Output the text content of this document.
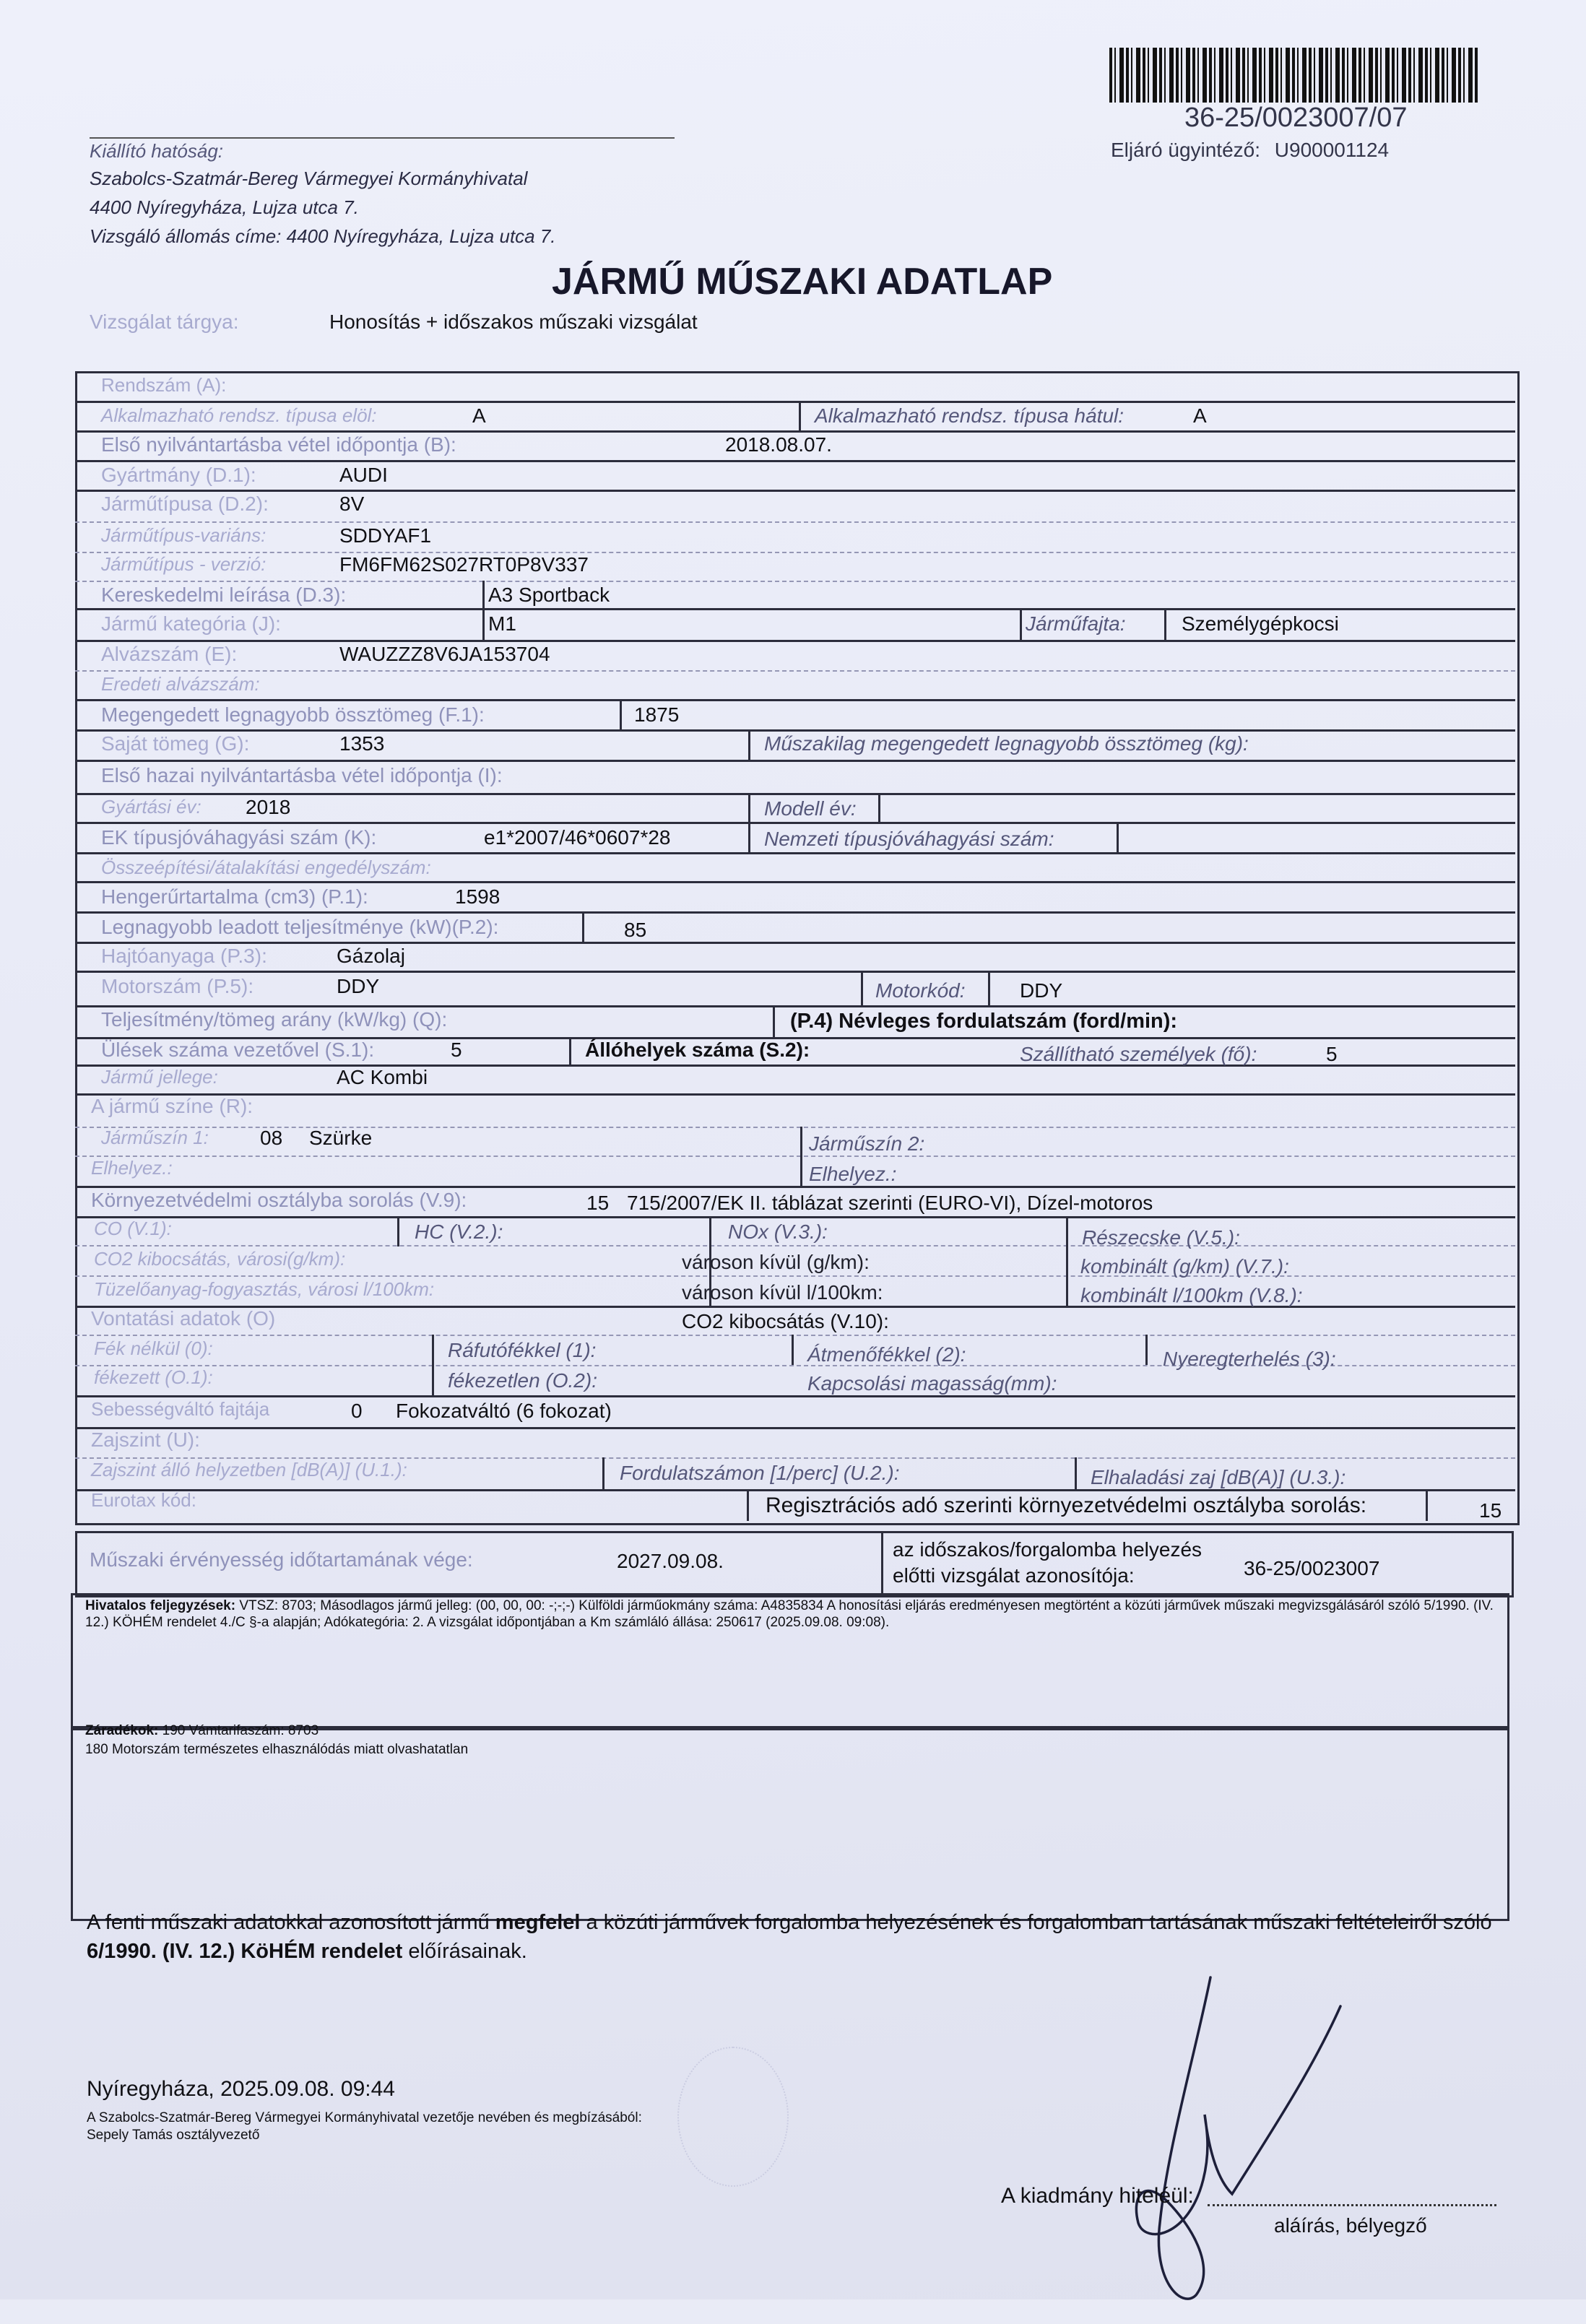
36-25/0023007/07
Eljáró ügyintéző: U900001124
Kiállító hatóság:
Szabolcs-Szatmár-Bereg Vármegyei Kormányhivatal
4400 Nyíregyháza, Lujza utca 7.
Vizsgáló állomás címe: 4400 Nyíregyháza, Lujza utca 7.
JÁRMŰ MŰSZAKI ADATLAP
Vizsgálat tárgya:	Honosítás + időszakos műszaki vizsgálat
Rendszám (A):
Alkalmazható rendsz. típusa elöl:	A	Alkalmazható rendsz. típusa hátul:	A
Első nyilvántartásba vétel időpontja (B):	2018.08.07.
Gyártmány (D.1):	AUDI
Járműtípusa (D.2):	8V
Járműtípus-variáns:	SDDYAF1
Járműtípus - verzió:	FM6FM62S027RT0P8V337
Kereskedelmi leírása (D.3):	A3 Sportback
Jármű kategória (J):	M1	Járműfajta:	Személygépkocsi
Alvázszám (E):	WAUZZZ8V6JA153704
Eredeti alvázszám:
Megengedett legnagyobb össztömeg (F.1):	1875
Saját tömeg (G):	1353	Műszakilag megengedett legnagyobb össztömeg (kg):
Első hazai nyilvántartásba vétel időpontja (I):
Gyártási év: 2018	Modell év:
EK típusjóváhagyási szám (K):	e1*2007/46*0607*28	Nemzeti típusjóváhagyási szám:
Összeépítési/átalakítási engedélyszám:
Hengerűrtartalma (cm3) (P.1):	1598
Legnagyobb leadott teljesítménye (kW)(P.2):	85
Hajtóanyaga (P.3):	Gázolaj
Motorszám (P.5):	DDY	Motorkód:	DDY
Teljesítmény/tömeg arány (kW/kg) (Q):	(P.4) Névleges fordulatszám (ford/min):
Ülések száma vezetővel (S.1):	5	Állóhelyek száma (S.2):	Szállítható személyek (fő):	5
Jármű jellege:	AC Kombi
A jármű színe (R):
Járműszín 1:	08 Szürke	Járműszín 2:
Elhelyez.:	Elhelyez.:
Környezetvédelmi osztályba sorolás (V.9):	15 715/2007/EK II. táblázat szerinti (EURO-VI), Dízel-motoros
CO (V.1):	HC (V.2.):	NOx (V.3.):	Részecske (V.5.):
CO2 kibocsátás, városi(g/km):	városon kívül (g/km):	kombinált (g/km) (V.7.):
Tüzelőanyag-fogyasztás, városi l/100km:	városon kívül l/100km:	kombinált l/100km (V.8.):
Vontatási adatok (O)	CO2 kibocsátás (V.10):
Fék nélkül (0):	Ráfutófékkel (1):	Átmenőfékkel (2):	Nyeregterhelés (3):
fékezett (O.1):	fékezetlen (O.2):	Kapcsolási magasság(mm):
Sebességváltó fajtája	0 Fokozatváltó (6 fokozat)
Zajszint (U):
Zajszint álló helyzetben [dB(A)] (U.1.):	Fordulatszámon [1/perc] (U.2.):	Elhaladási zaj [dB(A)] (U.3.):
Eurotax kód:	Regisztrációs adó szerinti környezetvédelmi osztályba sorolás:	15
Műszaki érvényesség időtartamának vége:	2027.09.08.
az időszakos/forgalomba helyezés
előtti vizsgálat azonosítója:	36-25/0023007
Hivatalos feljegyzések: VTSZ: 8703; Másodlagos jármű jelleg: (00, 00, 00: -;-;-) Külföldi járműokmány száma: A4835834 A honosítási eljárás eredményesen megtörtént a közúti járművek műszaki megvizsgálásáról szóló 5/1990. (IV. 12.) KÖHÉM rendelet 4./C §-a alapján; Adókategória: 2. A vizsgálat időpontjában a Km számláló állása: 250617 (2025.09.08. 09:08).
Záradékok: 190 Vámtarifaszám: 8703
180 Motorszám természetes elhasználódás miatt olvashatatlan
A fenti műszaki adatokkal azonosított jármű megfelel a közúti járművek forgalomba helyezésének és forgalomban tartásának műszaki feltételeiről szóló 6/1990. (IV. 12.) KöHÉM rendelet előírásainak.
Nyíregyháza, 2025.09.08. 09:44
A Szabolcs-Szatmár-Bereg Vármegyei Kormányhivatal vezetője nevében és megbízásából:
Sepely Tamás osztályvezető
A kiadmány hiteléül:
aláírás, bélyegző
